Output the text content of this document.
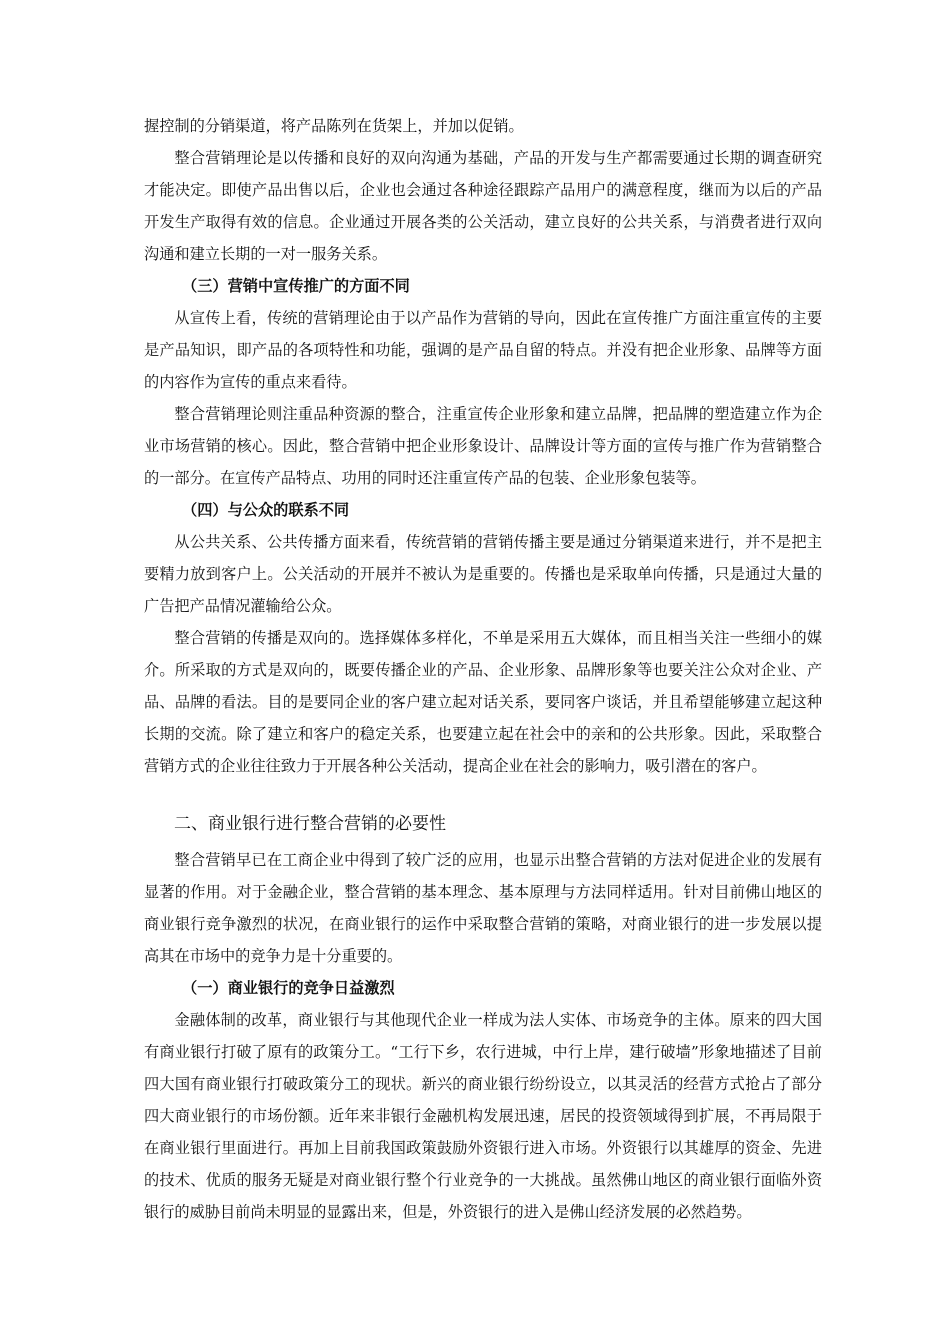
握控制的分销渠道，将产品陈列在货架上，并加以促销。

整合营销理论是以传播和良好的双向沟通为基础，产品的开发与生产都需要通过长期的调查研究才能决定。即使产品出售以后，企业也会通过各种途径跟踪产品用户的满意程度，继而为以后的产品开发生产取得有效的信息。企业通过开展各类的公关活动，建立良好的公共关系，与消费者进行双向沟通和建立长期的一对一服务关系。

（三）营销中宣传推广的方面不同

从宣传上看，传统的营销理论由于以产品作为营销的导向，因此在宣传推广方面注重宣传的主要是产品知识，即产品的各项特性和功能，强调的是产品自留的特点。并没有把企业形象、品牌等方面的内容作为宣传的重点来看待。

整合营销理论则注重品种资源的整合，注重宣传企业形象和建立品牌，把品牌的塑造建立作为企业市场营销的核心。因此，整合营销中把企业形象设计、品牌设计等方面的宣传与推广作为营销整合的一部分。在宣传产品特点、功用的同时还注重宣传产品的包装、企业形象包装等。

（四）与公众的联系不同

从公共关系、公共传播方面来看，传统营销的营销传播主要是通过分销渠道来进行，并不是把主要精力放到客户上。公关活动的开展并不被认为是重要的。传播也是采取单向传播，只是通过大量的广告把产品情况灌输给公众。

整合营销的传播是双向的。选择媒体多样化，不单是采用五大媒体，而且相当关注一些细小的媒介。所采取的方式是双向的，既要传播企业的产品、企业形象、品牌形象等也要关注公众对企业、产品、品牌的看法。目的是要同企业的客户建立起对话关系，要同客户谈话，并且希望能够建立起这种长期的交流。除了建立和客户的稳定关系，也要建立起在社会中的亲和的公共形象。因此，采取整合营销方式的企业往往致力于开展各种公关活动，提高企业在社会的影响力，吸引潜在的客户。

二、商业银行进行整合营销的必要性

整合营销早已在工商企业中得到了较广泛的应用，也显示出整合营销的方法对促进企业的发展有显著的作用。对于金融企业，整合营销的基本理念、基本原理与方法同样适用。针对目前佛山地区的商业银行竞争激烈的状况，在商业银行的运作中采取整合营销的策略，对商业银行的进一步发展以提高其在市场中的竞争力是十分重要的。

（一）商业银行的竞争日益激烈

金融体制的改革，商业银行与其他现代企业一样成为法人实体、市场竞争的主体。原来的四大国有商业银行打破了原有的政策分工。“工行下乡，农行进城，中行上岸，建行破墙”形象地描述了目前四大国有商业银行打破政策分工的现状。新兴的商业银行纷纷设立，以其灵活的经营方式抢占了部分四大商业银行的市场份额。近年来非银行金融机构发展迅速，居民的投资领域得到扩展，不再局限于在商业银行里面进行。再加上目前我国政策鼓励外资银行进入市场。外资银行以其雄厚的资金、先进的技术、优质的服务无疑是对商业银行整个行业竞争的一大挑战。虽然佛山地区的商业银行面临外资银行的威胁目前尚未明显的显露出来，但是，外资银行的进入是佛山经济发展的必然趋势。
